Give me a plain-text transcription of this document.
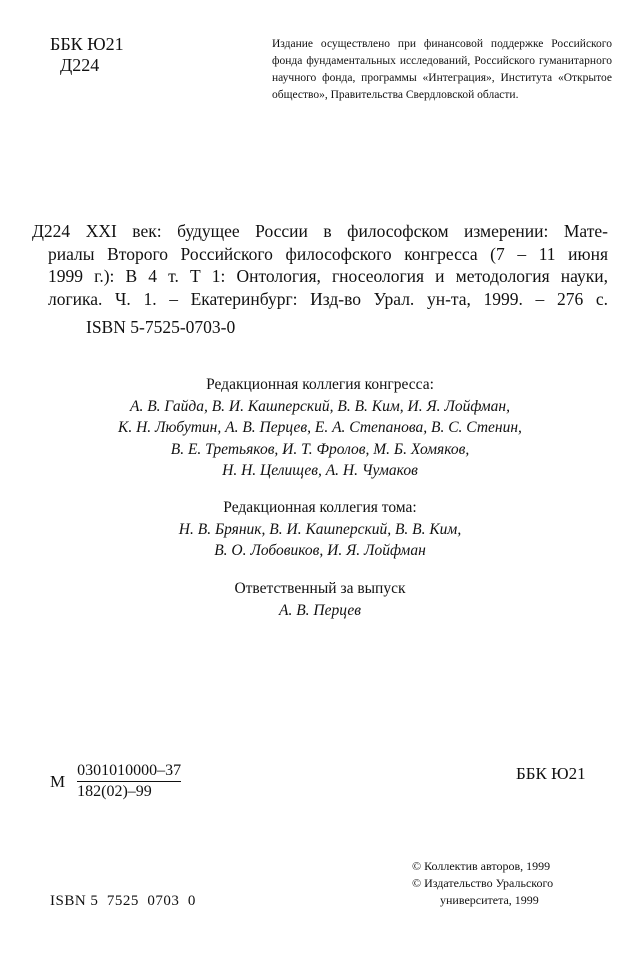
ББК Ю21
Д224
Издание осуществлено при финансовой поддержке Российского фонда фундаментальных исследований, Российского гуманитарного научного фонда, программы «Интеграция», Института «Открытое общество», Правительства Свердловской области.
Д224 XXI век: будущее России в философском измерении: Мате-
риалы Второго Российского философского конгресса (7 – 11 июня
1999 г.): В 4 т. Т 1: Онтология, гносеология и методология науки,
логика. Ч. 1. – Екатеринбург: Изд-во Урал. ун-та, 1999. – 276 с.
ISBN 5-7525-0703-0
Редакционная коллегия конгресса:
А. В. Гайда, В. И. Кашперский, В. В. Ким, И. Я. Лойфман,
К. Н. Любутин, А. В. Перцев, Е. А. Степанова, В. С. Стенин,
В. Е. Третьяков, И. Т. Фролов, М. Б. Хомяков,
Н. Н. Целищев, А. Н. Чумаков
Редакционная коллегия тома:
Н. В. Бряник, В. И. Кашперский, В. В. Ким,
В. О. Лобовиков, И. Я. Лойфман
Ответственный за выпуск
А. В. Перцев
М $\frac{0301010000-37}{182(02)-99}$	ББК Ю21
© Коллектив авторов, 1999
© Издательство Уральского
университета, 1999
ISBN 5  7525  0703  0
